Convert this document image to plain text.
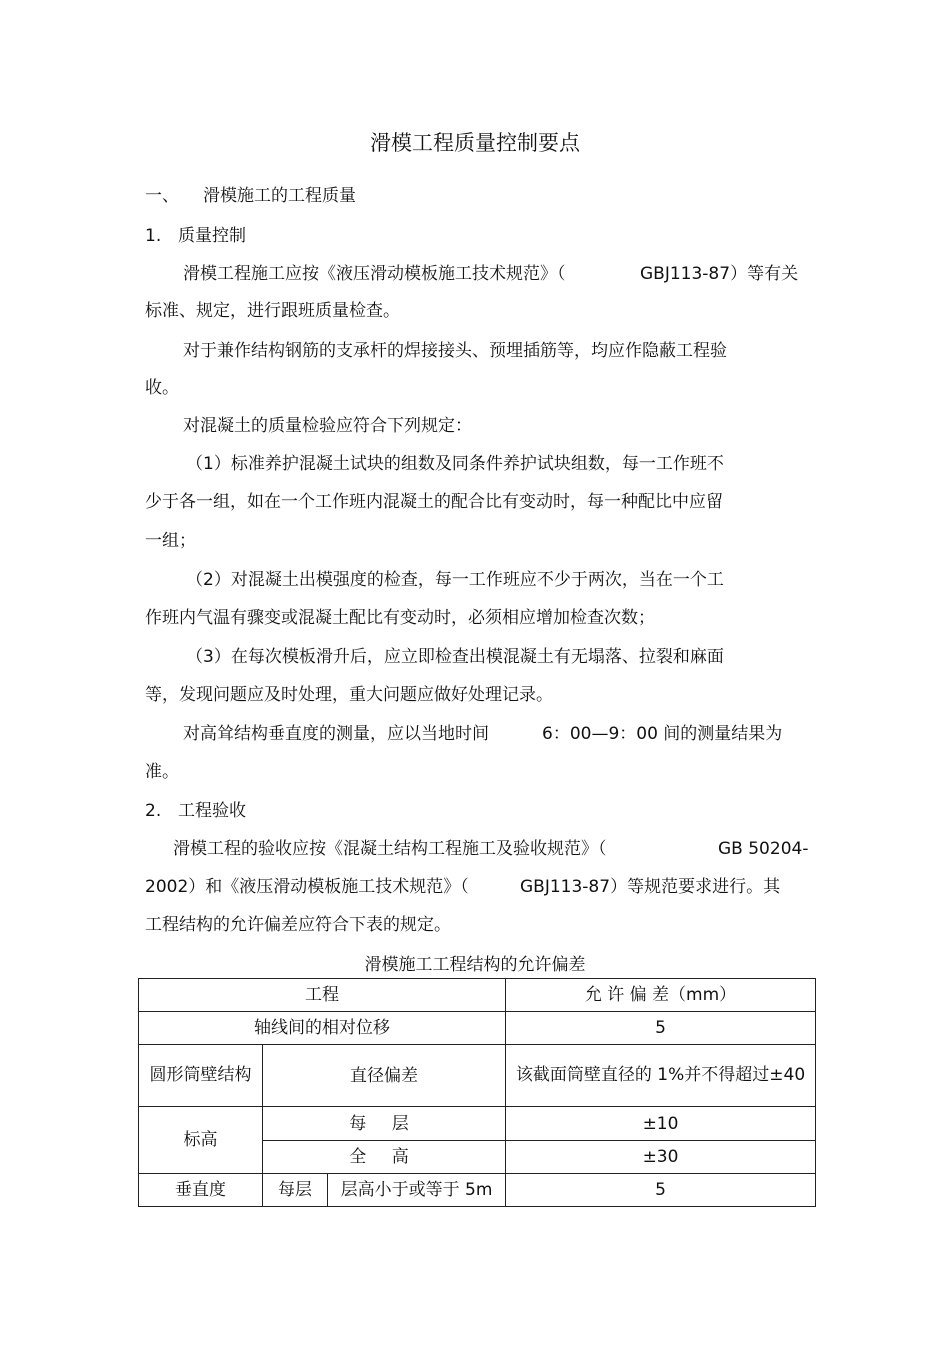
滑模工程质量控制要点
一、 滑模施工的工程质量
1. 质量控制
滑模工程施工应按《液压滑动模板施工技术规范》（	GBJ113-87）等有关
标准、规定，进行跟班质量检查。
对于兼作结构钢筋的支承杆的焊接接头、预埋插筋等，均应作隐蔽工程验
收。
对混凝土的质量检验应符合下列规定：
（1）标准养护混凝土试块的组数及同条件养护试块组数，每一工作班不
少于各一组，如在一个工作班内混凝土的配合比有变动时，每一种配比中应留
一组；
（2）对混凝土出模强度的检查，每一工作班应不少于两次，当在一个工
作班内气温有骤变或混凝土配比有变动时，必须相应增加检查次数；
（3）在每次模板滑升后，应立即检查出模混凝土有无塌落、拉裂和麻面
等，发现问题应及时处理，重大问题应做好处理记录。
对高耸结构垂直度的测量，应以当地时间	6：00—9：00 间的测量结果为
准。
2. 工程验收
滑模工程的验收应按《混凝土结构工程施工及验收规范》（	GB 50204-
2002）和《液压滑动模板施工技术规范》（	GBJ113-87）等规范要求进行。其
工程结构的允许偏差应符合下表的规定。
滑模施工工程结构的允许偏差
工程			允 许 偏 差（mm）
轴线间的相对位移			5
圆形筒壁结构	直径偏差		该截面筒壁直径的 1%并不得超过±40
标高	每 层		±10
	全 高		±30
垂直度	每层	层高小于或等于 5m	5
